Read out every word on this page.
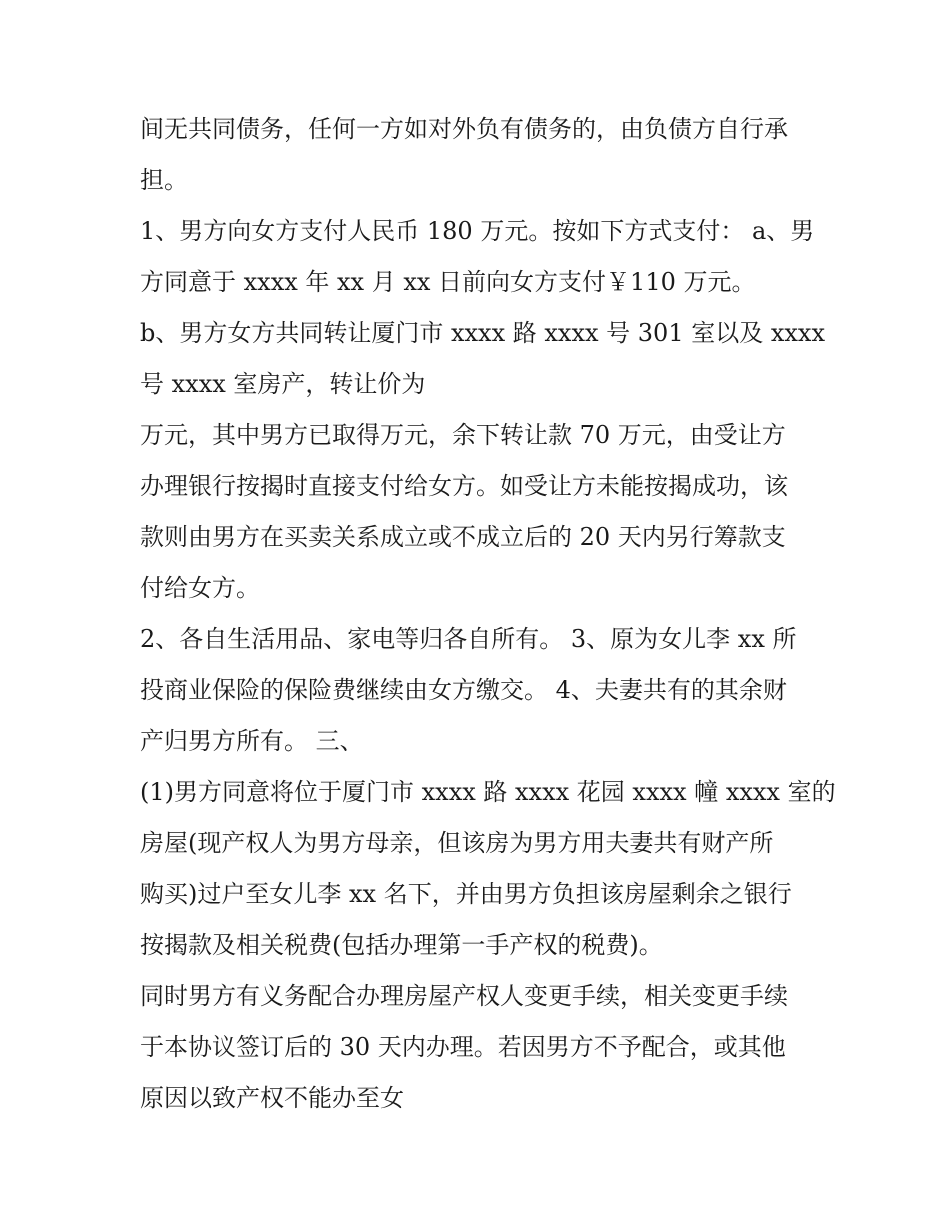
间无共同债务，任何一方如对外负有债务的，由负债方自行承
担。
1、男方向女方支付人民币 180 万元。按如下方式支付： a、男
方同意于 xxxx 年 xx 月 xx 日前向女方支付￥110 万元。
b、男方女方共同转让厦门市 xxxx 路 xxxx 号 301 室以及 xxxx
号 xxxx 室房产，转让价为
万元，其中男方已取得万元，余下转让款 70 万元，由受让方
办理银行按揭时直接支付给女方。如受让方未能按揭成功，该
款则由男方在买卖关系成立或不成立后的 20 天内另行筹款支
付给女方。
2、各自生活用品、家电等归各自所有。 3、原为女儿李 xx 所
投商业保险的保险费继续由女方缴交。 4、夫妻共有的其余财
产归男方所有。 三、
(1)男方同意将位于厦门市 xxxx 路 xxxx 花园 xxxx 幢 xxxx 室的
房屋(现产权人为男方母亲，但该房为男方用夫妻共有财产所
购买)过户至女儿李 xx 名下，并由男方负担该房屋剩余之银行
按揭款及相关税费(包括办理第一手产权的税费)。
同时男方有义务配合办理房屋产权人变更手续，相关变更手续
于本协议签订后的 30 天内办理。若因男方不予配合，或其他
原因以致产权不能办至女
